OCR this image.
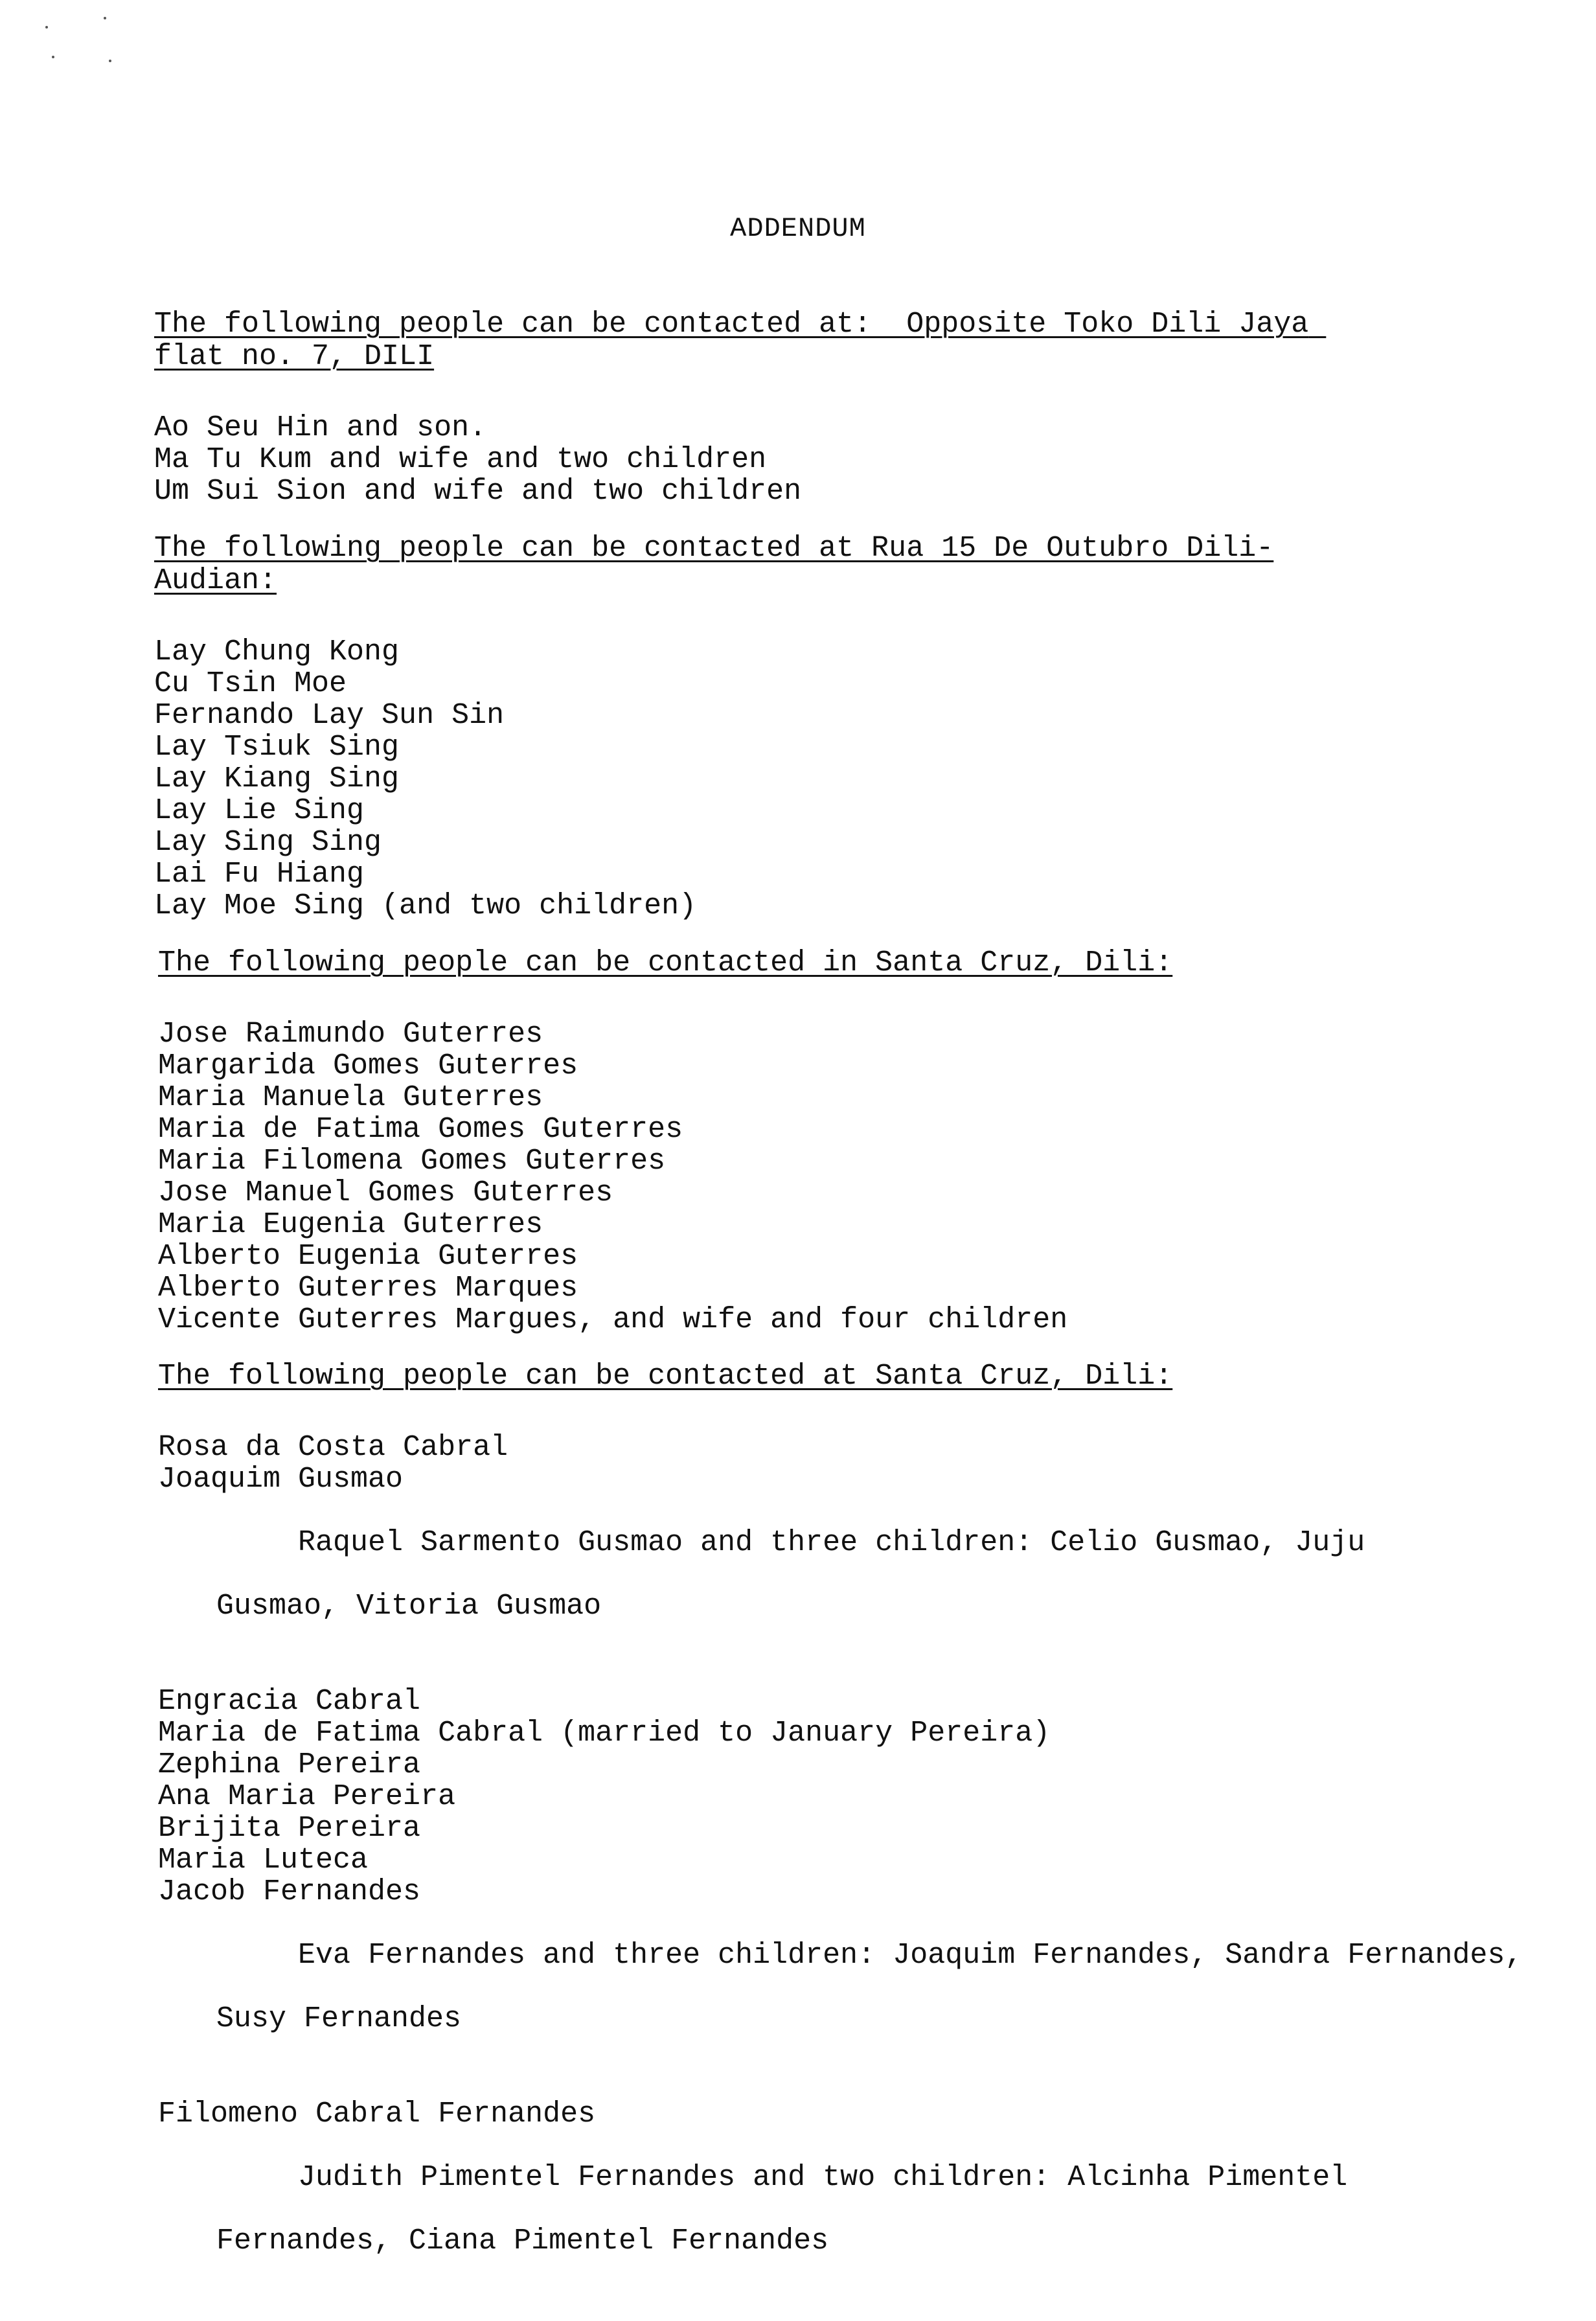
ADDENDUM

The following people can be contacted at:  Opposite Toko Dili Jaya flat no. 7, DILI

Ao Seu Hin and son.
Ma Tu Kum and wife and two children
Um Sui Sion and wife and two children

The following people can be contacted at Rua 15 De Outubro Dili-Audian:

Lay Chung Kong
Cu Tsin Moe
Fernando Lay Sun Sin
Lay Tsiuk Sing
Lay Kiang Sing
Lay Lie Sing
Lay Sing Sing
Lai Fu Hiang
Lay Moe Sing (and two children)

The following people can be contacted in Santa Cruz, Dili:

Jose Raimundo Guterres
Margarida Gomes Guterres
Maria Manuela Guterres
Maria de Fatima Gomes Guterres
Maria Filomena Gomes Guterres
Jose Manuel Gomes Guterres
Maria Eugenia Guterres
Alberto Eugenia Guterres
Alberto Guterres Marques
Vicente Guterres Margues, and wife and four children

The following people can be contacted at Santa Cruz, Dili:

Rosa da Costa Cabral
Joaquim Gusmao

Raquel Sarmento Gusmao and three children: Celio Gusmao, Juju

Gusmao, Vitoria Gusmao

Engracia Cabral
Maria de Fatima Cabral (married to January Pereira)
Zephina Pereira
Ana Maria Pereira
Brijita Pereira
Maria Luteca
Jacob Fernandes

Eva Fernandes and three children: Joaquim Fernandes, Sandra Fernandes,

Susy Fernandes

Filomeno Cabral Fernandes

Judith Pimentel Fernandes and two children: Alcinha Pimentel

Fernandes, Ciana Pimentel Fernandes
